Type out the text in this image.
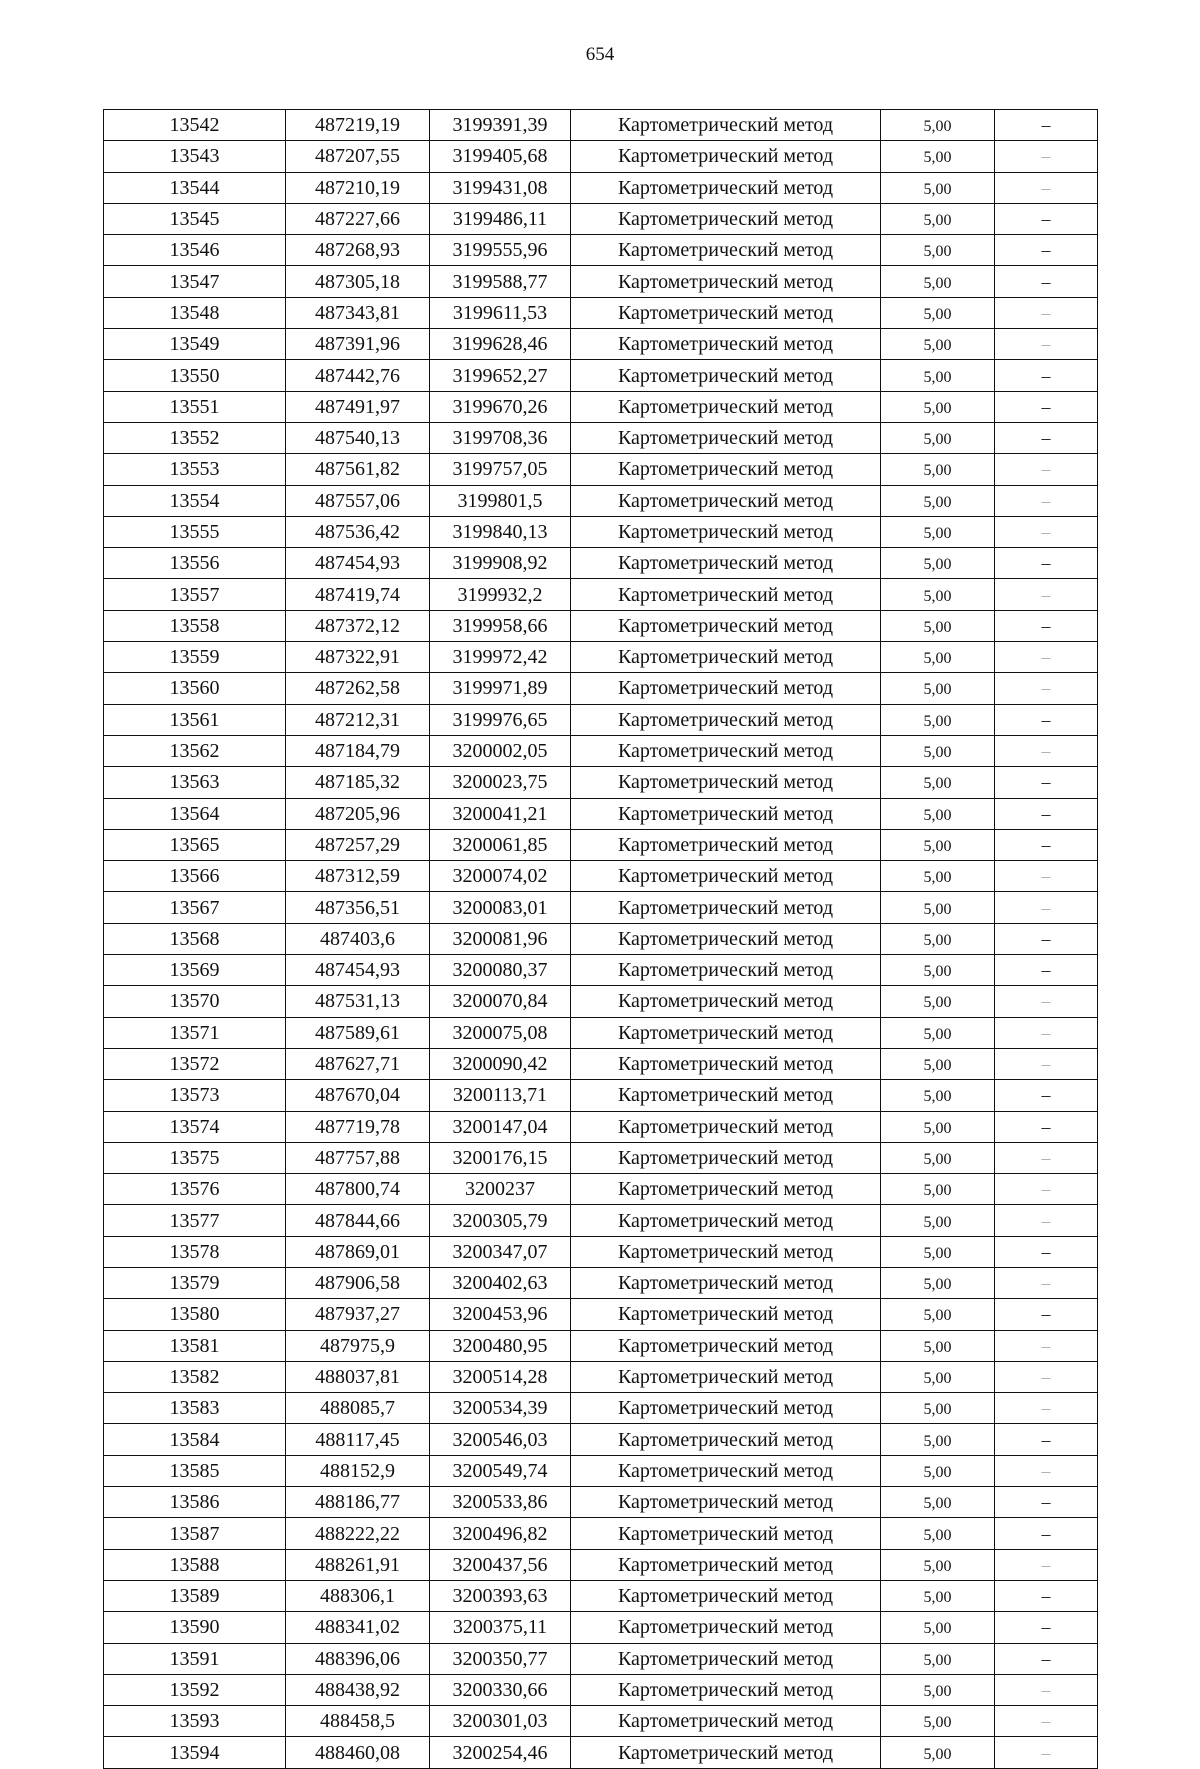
654
13542	487219,19	3199391,39	Картометрический метод	5,00	–
13543	487207,55	3199405,68	Картометрический метод	5,00	–
13544	487210,19	3199431,08	Картометрический метод	5,00	–
13545	487227,66	3199486,11	Картометрический метод	5,00	–
13546	487268,93	3199555,96	Картометрический метод	5,00	–
13547	487305,18	3199588,77	Картометрический метод	5,00	–
13548	487343,81	3199611,53	Картометрический метод	5,00	–
13549	487391,96	3199628,46	Картометрический метод	5,00	–
13550	487442,76	3199652,27	Картометрический метод	5,00	–
13551	487491,97	3199670,26	Картометрический метод	5,00	–
13552	487540,13	3199708,36	Картометрический метод	5,00	–
13553	487561,82	3199757,05	Картометрический метод	5,00	–
13554	487557,06	3199801,5	Картометрический метод	5,00	–
13555	487536,42	3199840,13	Картометрический метод	5,00	–
13556	487454,93	3199908,92	Картометрический метод	5,00	–
13557	487419,74	3199932,2	Картометрический метод	5,00	–
13558	487372,12	3199958,66	Картометрический метод	5,00	–
13559	487322,91	3199972,42	Картометрический метод	5,00	–
13560	487262,58	3199971,89	Картометрический метод	5,00	–
13561	487212,31	3199976,65	Картометрический метод	5,00	–
13562	487184,79	3200002,05	Картометрический метод	5,00	–
13563	487185,32	3200023,75	Картометрический метод	5,00	–
13564	487205,96	3200041,21	Картометрический метод	5,00	–
13565	487257,29	3200061,85	Картометрический метод	5,00	–
13566	487312,59	3200074,02	Картометрический метод	5,00	–
13567	487356,51	3200083,01	Картометрический метод	5,00	–
13568	487403,6	3200081,96	Картометрический метод	5,00	–
13569	487454,93	3200080,37	Картометрический метод	5,00	–
13570	487531,13	3200070,84	Картометрический метод	5,00	–
13571	487589,61	3200075,08	Картометрический метод	5,00	–
13572	487627,71	3200090,42	Картометрический метод	5,00	–
13573	487670,04	3200113,71	Картометрический метод	5,00	–
13574	487719,78	3200147,04	Картометрический метод	5,00	–
13575	487757,88	3200176,15	Картометрический метод	5,00	–
13576	487800,74	3200237	Картометрический метод	5,00	–
13577	487844,66	3200305,79	Картометрический метод	5,00	–
13578	487869,01	3200347,07	Картометрический метод	5,00	–
13579	487906,58	3200402,63	Картометрический метод	5,00	–
13580	487937,27	3200453,96	Картометрический метод	5,00	–
13581	487975,9	3200480,95	Картометрический метод	5,00	–
13582	488037,81	3200514,28	Картометрический метод	5,00	–
13583	488085,7	3200534,39	Картометрический метод	5,00	–
13584	488117,45	3200546,03	Картометрический метод	5,00	–
13585	488152,9	3200549,74	Картометрический метод	5,00	–
13586	488186,77	3200533,86	Картометрический метод	5,00	–
13587	488222,22	3200496,82	Картометрический метод	5,00	–
13588	488261,91	3200437,56	Картометрический метод	5,00	–
13589	488306,1	3200393,63	Картометрический метод	5,00	–
13590	488341,02	3200375,11	Картометрический метод	5,00	–
13591	488396,06	3200350,77	Картометрический метод	5,00	–
13592	488438,92	3200330,66	Картометрический метод	5,00	–
13593	488458,5	3200301,03	Картометрический метод	5,00	–
13594	488460,08	3200254,46	Картометрический метод	5,00	–
